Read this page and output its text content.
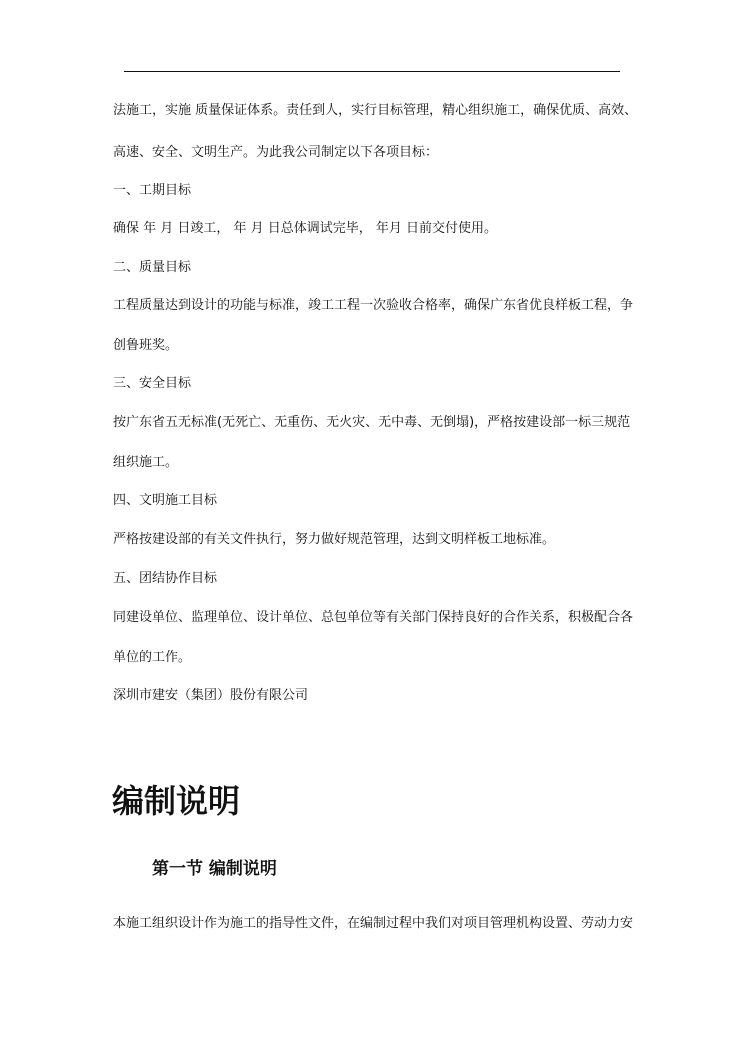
法施工，实施 质量保证体系。责任到人，实行目标管理，精心组织施工，确保优质、高效、
高速、安全、文明生产。为此我公司制定以下各项目标：
一、工期目标
确保 年 月 日竣工， 年 月 日总体调试完毕， 年月 日前交付使用。
二、质量目标
工程质量达到设计的功能与标准，竣工工程一次验收合格率，确保广东省优良样板工程，争
创鲁班奖。
三、安全目标
按广东省五无标准(无死亡、无重伤、无火灾、无中毒、无倒塌)，严格按建设部一标三规范
组织施工。
四、文明施工目标
严格按建设部的有关文件执行，努力做好规范管理，达到文明样板工地标准。
五、团结协作目标
同建设单位、监理单位、设计单位、总包单位等有关部门保持良好的合作关系，积极配合各
单位的工作。
深圳市建安（集团）股份有限公司
编制说明
第一节 编制说明
本施工组织设计作为施工的指导性文件，在编制过程中我们对项目管理机构设置、劳动力安
